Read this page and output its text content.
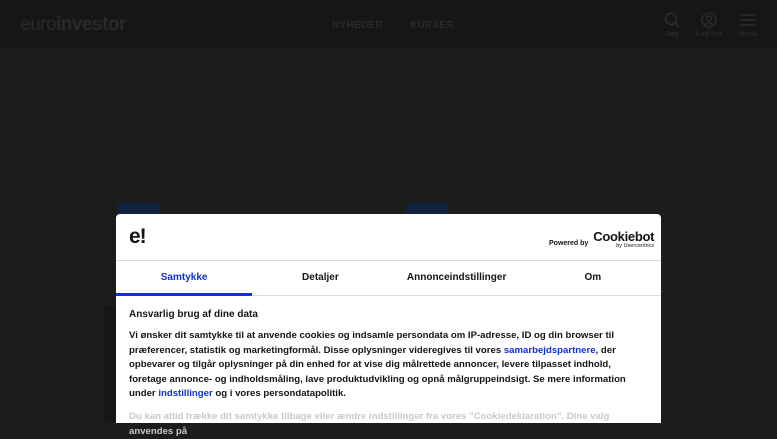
euroinvestor	NYHEDER	KURSER
Søg	Log ind	Menu
e!	Powered by Cookiebot
by Usercentrics
Samtykke	Detaljer	Annonceindstillinger	Om
Ansvarlig brug af dine data

Vi ønsker dit samtykke til at anvende cookies og indsamle persondata om IP-adresse, ID og din browser til præferencer, statistik og marketingformål. Disse oplysninger videregives til vores samarbejdspartnere, der opbevarer og tilgår oplysninger på din enhed for at vise dig målrettede annoncer, levere tilpasset indhold, foretage annonce- og indholdsmåling, lave produktudvikling og opnå målgruppeindsigt. Se mere information under indstillinger og i vores persondatapolitik.

Du kan altid trække dit samtykke tilbage eller ændre indstillinger fra vores "Cookiedeklaration". Dine valg anvendes på
